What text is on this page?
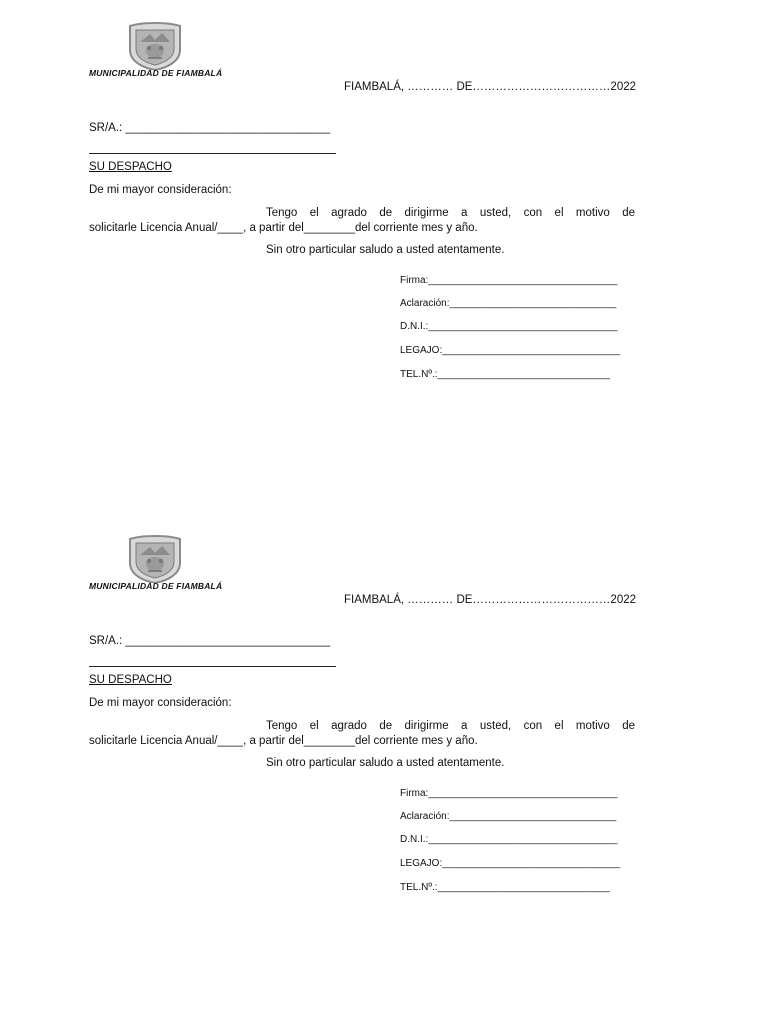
MUNICIPALIDAD DE FIAMBALÁ
FIAMBALÁ, ………… DE………………………………2022
SR/A.: ________________________________
SU DESPACHO
De mi mayor consideración:
Tengo el agrado de dirigirme a usted, con el motivo de
solicitarle Licencia Anual/____, a partir del________del corriente mes y año.
Sin otro particular saludo a usted atentamente.
Firma:__________________________________
Aclaración:______________________________
D.N.I.:__________________________________
LEGAJO:________________________________
TEL.Nº.:_______________________________
MUNICIPALIDAD DE FIAMBALÁ
FIAMBALÁ, ………… DE………………………………2022
SR/A.: ________________________________
SU DESPACHO
De mi mayor consideración:
Tengo el agrado de dirigirme a usted, con el motivo de
solicitarle Licencia Anual/____, a partir del________del corriente mes y año.
Sin otro particular saludo a usted atentamente.
Firma:__________________________________
Aclaración:______________________________
D.N.I.:__________________________________
LEGAJO:________________________________
TEL.Nº.:_______________________________
